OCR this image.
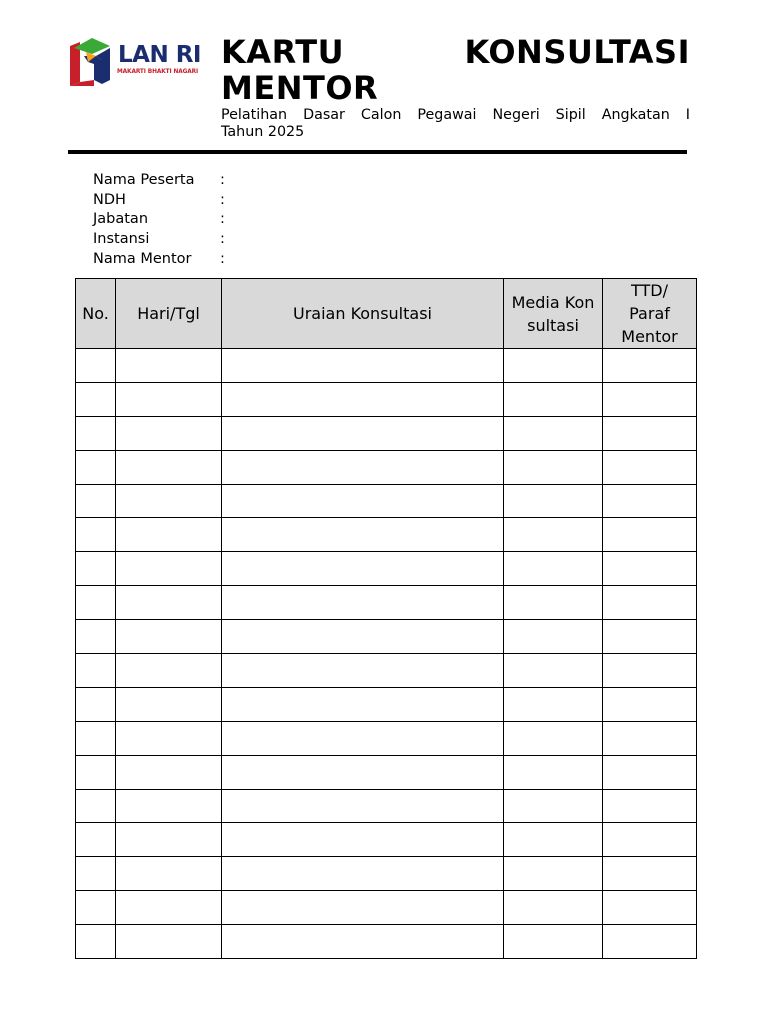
LAN RI
MAKARTI BHAKTI NAGARI
KARTU	KONSULTASI
MENTOR
Pelatihan Dasar Calon Pegawai Negeri Sipil Angkatan I
Tahun 2025
Nama Peserta	:
NDH	:
Jabatan	:
Instansi	:
Nama Mentor	:
No.	Hari/Tgl	Uraian Konsultasi	Media Konsultasi	TTD/ Paraf Mentor
